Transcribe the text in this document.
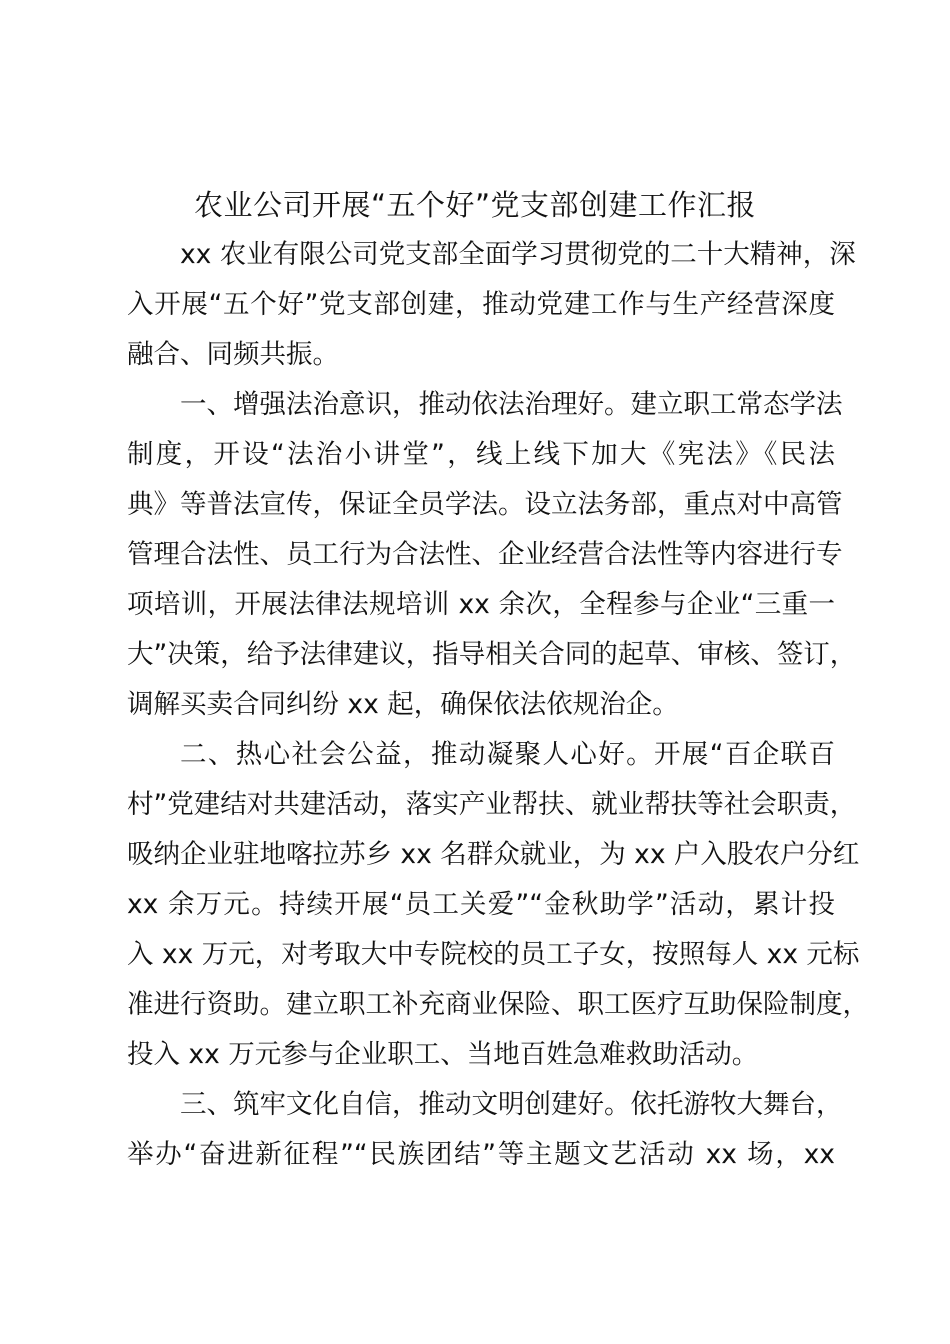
农业公司开展“五个好”党支部创建工作汇报
xx 农业有限公司党支部全面学习贯彻党的二十大精神，深
入开展“五个好”党支部创建，推动党建工作与生产经营深度
融合、同频共振。
一、增强法治意识，推动依法治理好。建立职工常态学法
制度，开设“法治小讲堂”，线上线下加大《宪法》《民法
典》等普法宣传，保证全员学法。设立法务部，重点对中高管
管理合法性、员工行为合法性、企业经营合法性等内容进行专
项培训，开展法律法规培训 xx 余次，全程参与企业“三重一
大”决策，给予法律建议，指导相关合同的起草、审核、签订，
调解买卖合同纠纷 xx 起，确保依法依规治企。
二、热心社会公益，推动凝聚人心好。开展“百企联百
村”党建结对共建活动，落实产业帮扶、就业帮扶等社会职责，
吸纳企业驻地喀拉苏乡 xx 名群众就业，为 xx 户入股农户分红
xx 余万元。持续开展“员工关爱”“金秋助学”活动，累计投
入 xx 万元，对考取大中专院校的员工子女，按照每人 xx 元标
准进行资助。建立职工补充商业保险、职工医疗互助保险制度，
投入 xx 万元参与企业职工、当地百姓急难救助活动。
三、筑牢文化自信，推动文明创建好。依托游牧大舞台，
举办“奋进新征程”“民族团结”等主题文艺活动 xx 场，xx
